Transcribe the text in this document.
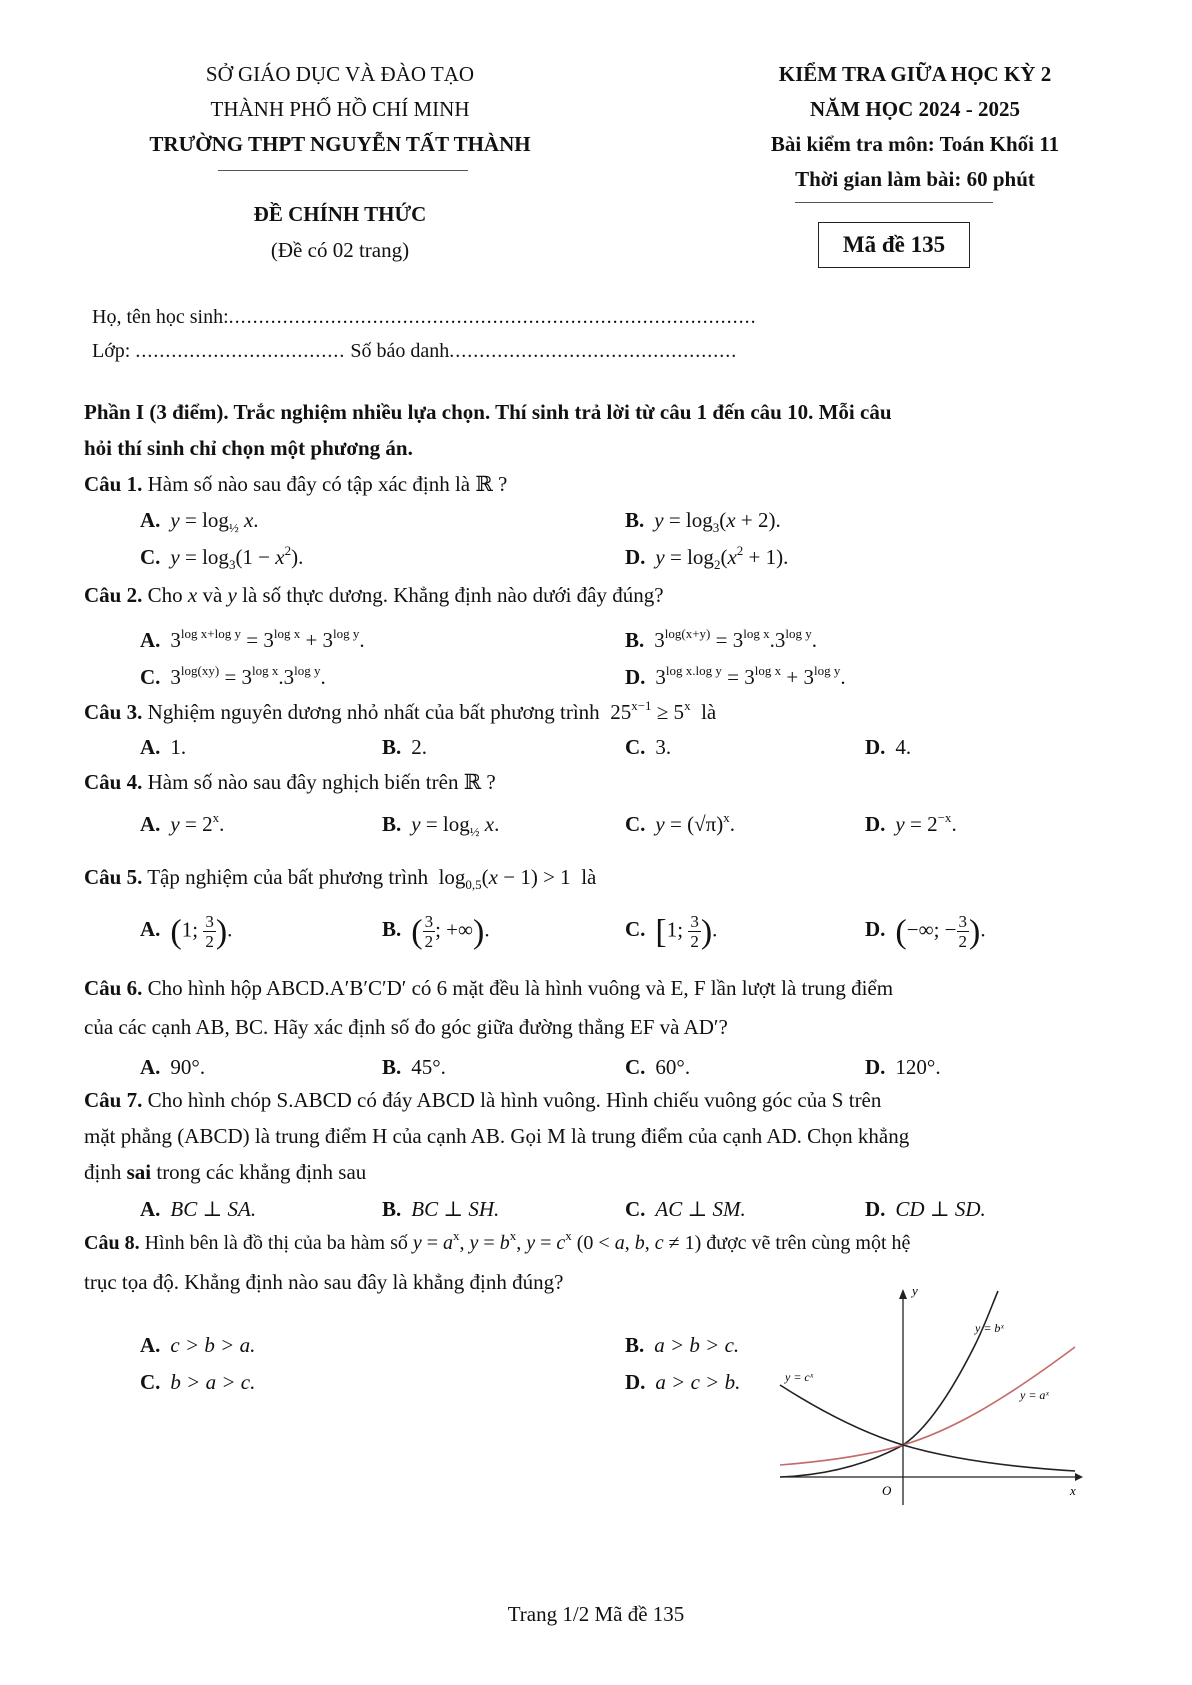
SỞ GIÁO DỤC VÀ ĐÀO TẠO
THÀNH PHỐ HỒ CHÍ MINH
TRƯỜNG THPT NGUYỄN TẤT THÀNH
ĐỀ CHÍNH THỨC
(Đề có 02 trang)
KIỂM TRA GIỮA HỌC KỲ 2
NĂM HỌC 2024 - 2025
Bài kiểm tra môn: Toán Khối 11
Thời gian làm bài: 60 phút
Mã đề 135
Họ, tên học sinh:........................................................................................
Lớp: ................................... Số báo danh................................................
Phần I (3 điểm). Trắc nghiệm nhiều lựa chọn. Thí sinh trả lời từ câu 1 đến câu 10. Mỗi câu
hỏi thí sinh chỉ chọn một phương án.
Câu 1. Hàm số nào sau đây có tập xác định là ℝ ?
A. $y = \log_{\frac{1}{2}} x$.	B. $y = \log_3(x + 2)$.
C. $y = \log_3(1 - x^2)$.	D. $y = \log_2(x^2 + 1)$.
Câu 2. Cho x và y là số thực dương. Khẳng định nào dưới đây đúng?
A. $3^{log x+log y} = 3^{log x} + 3^{log y}$.	B. $3^{log(x+y)} = 3^{log x}.3^{log y}$.
C. $3^{log(xy)} = 3^{log x}.3^{log y}$.	D. $3^{log x.log y} = 3^{log x} + 3^{log y}$.
Câu 3. Nghiệm nguyên dương nhỏ nhất của bất phương trình  $25^{x-1} \ge 5^x$ là
A. 1.	B. 2.	C. 3.	D. 4.
Câu 4. Hàm số nào sau đây nghịch biến trên ℝ ?
A. $y = 2^x$.	B. $y = \log_{\frac{1}{2}} x$.	C. $y = (√\pi)^x$.	D. $y = 2^{-x}$.
Câu 5. Tập nghiệm của bất phương trình  $\log_{0,5}(x - 1) > 1$  là
A. (1; $\frac{3}{2}$ ).	B. ( $\frac{3}{2}$ ; +∞).	C. [1; $\frac{3}{2}$ ).	D. (−∞; − $\frac{3}{2}$ ).
Câu 6. Cho hình hộp ABCD.A′B′C′D′ có 6 mặt đều là hình vuông và E, F lần lượt là trung điểm
của các cạnh AB, BC. Hãy xác định số đo góc giữa đường thẳng EF và AD′?
A. 90°.	B. 45°.	C. 60°.	D. 120°.
Câu 7. Cho hình chóp S.ABCD có đáy ABCD là hình vuông. Hình chiếu vuông góc của S trên
mặt phẳng (ABCD) là trung điểm H của cạnh AB. Gọi M là trung điểm của cạnh AD. Chọn khẳng
định sai trong các khẳng định sau
A. BC ⊥ SA.	B. BC ⊥ SH.	C. AC ⊥ SM.	D. CD ⊥ SD.
Câu 8. Hình bên là đồ thị của ba hàm số $y = a^x$, $y = b^x$, $y = c^x$ (0 < a, b, c ≠ 1) được vẽ trên cùng một hệ
trục tọa độ. Khẳng định nào sau đây là khẳng định đúng?
A. c > b > a.	B. a > b > c.
C. b > a > c.	D. a > c > b.
y
x
O
y = bˣ
y = cˣ
y = aˣ
Trang 1/2 Mã đề 135
